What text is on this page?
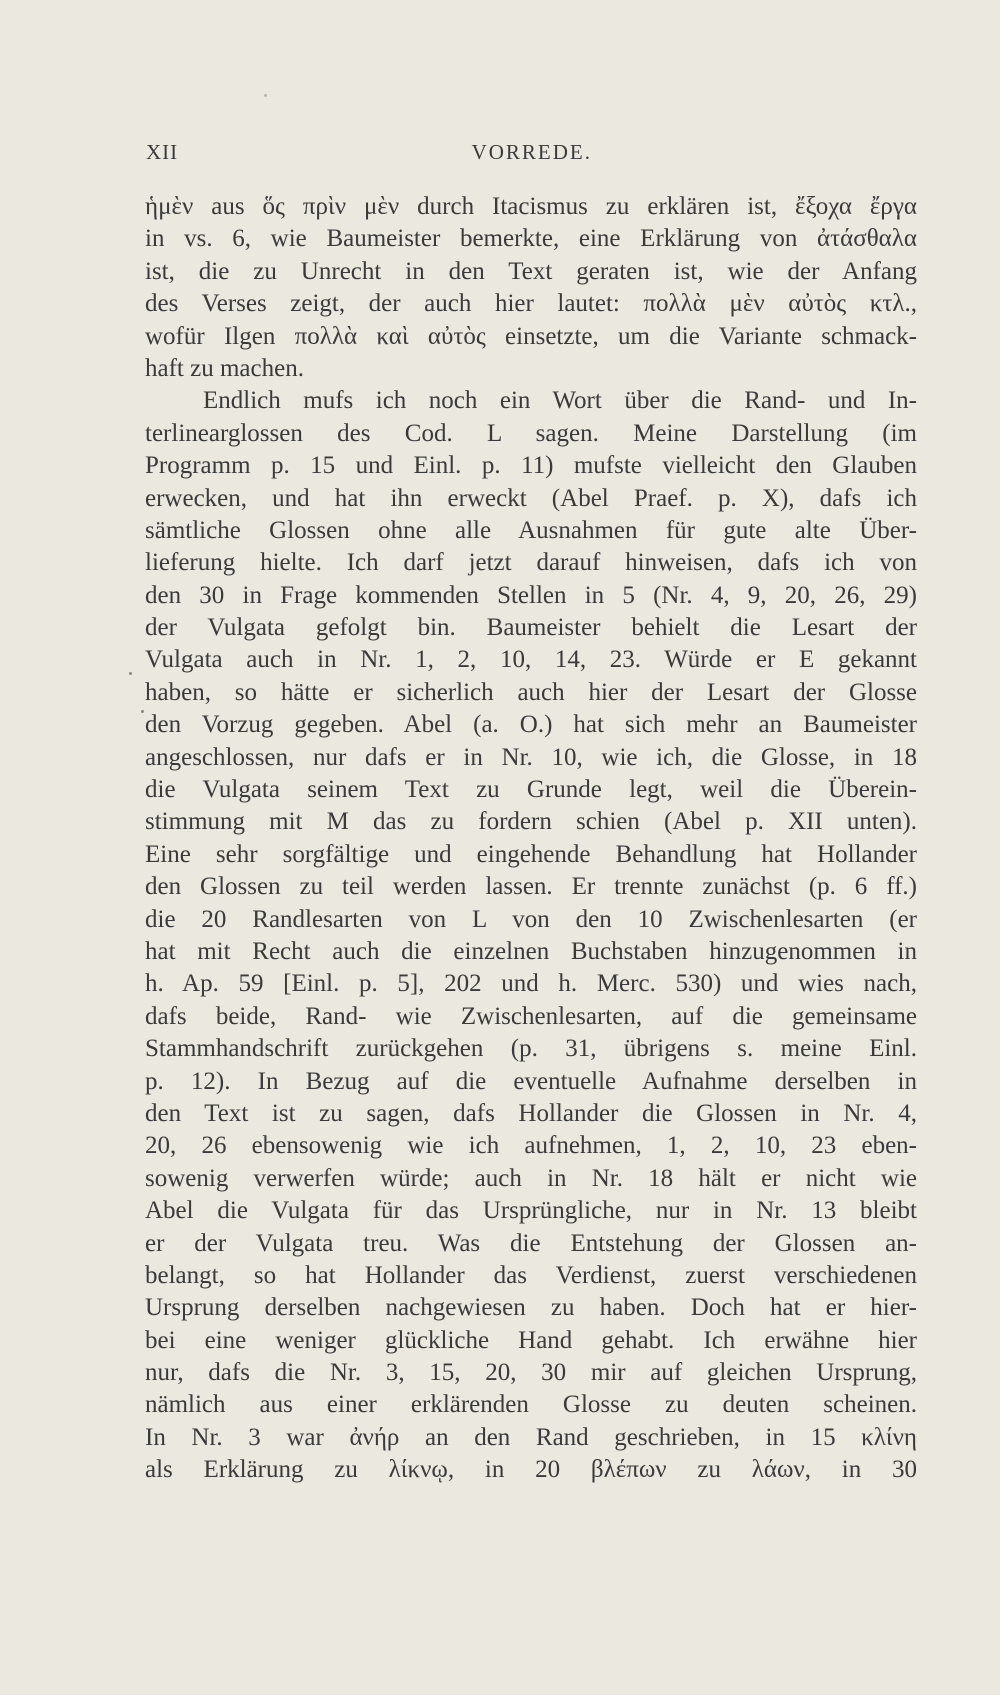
XII	VORREDE.
ἡμὲν aus ὅς πρὶν μὲν durch Itacismus zu erklären ist, ἔξοχα ἔργα
in vs. 6, wie Baumeister bemerkte, eine Erklärung von ἀτάσθαλα
ist, die zu Unrecht in den Text geraten ist, wie der Anfang
des Verses zeigt, der auch hier lautet: πολλὰ μὲν αὐτὸς κτλ.,
wofür Ilgen πολλὰ καὶ αὐτὸς einsetzte, um die Variante schmack-
haft zu machen.
Endlich mufs ich noch ein Wort über die Rand- und In-
terlinearglossen des Cod. L sagen. Meine Darstellung (im
Programm p. 15 und Einl. p. 11) mufste vielleicht den Glauben
erwecken, und hat ihn erweckt (Abel Praef. p. X), dafs ich
sämtliche Glossen ohne alle Ausnahmen für gute alte Über-
lieferung hielte. Ich darf jetzt darauf hinweisen, dafs ich von
den 30 in Frage kommenden Stellen in 5 (Nr. 4, 9, 20, 26, 29)
der Vulgata gefolgt bin. Baumeister behielt die Lesart der
Vulgata auch in Nr. 1, 2, 10, 14, 23. Würde er E gekannt
haben, so hätte er sicherlich auch hier der Lesart der Glosse
den Vorzug gegeben. Abel (a. O.) hat sich mehr an Baumeister
angeschlossen, nur dafs er in Nr. 10, wie ich, die Glosse, in 18
die Vulgata seinem Text zu Grunde legt, weil die Überein-
stimmung mit M das zu fordern schien (Abel p. XII unten).
Eine sehr sorgfältige und eingehende Behandlung hat Hollander
den Glossen zu teil werden lassen. Er trennte zunächst (p. 6 ff.)
die 20 Randlesarten von L von den 10 Zwischenlesarten (er
hat mit Recht auch die einzelnen Buchstaben hinzugenommen in
h. Ap. 59 [Einl. p. 5], 202 und h. Merc. 530) und wies nach,
dafs beide, Rand- wie Zwischenlesarten, auf die gemeinsame
Stammhandschrift zurückgehen (p. 31, übrigens s. meine Einl.
p. 12). In Bezug auf die eventuelle Aufnahme derselben in
den Text ist zu sagen, dafs Hollander die Glossen in Nr. 4,
20, 26 ebensowenig wie ich aufnehmen, 1, 2, 10, 23 eben-
sowenig verwerfen würde; auch in Nr. 18 hält er nicht wie
Abel die Vulgata für das Ursprüngliche, nur in Nr. 13 bleibt
er der Vulgata treu. Was die Entstehung der Glossen an-
belangt, so hat Hollander das Verdienst, zuerst verschiedenen
Ursprung derselben nachgewiesen zu haben. Doch hat er hier-
bei eine weniger glückliche Hand gehabt. Ich erwähne hier
nur, dafs die Nr. 3, 15, 20, 30 mir auf gleichen Ursprung,
nämlich aus einer erklärenden Glosse zu deuten scheinen.
In Nr. 3 war ἀνήρ an den Rand geschrieben, in 15 κλίνη
als Erklärung zu λίκνῳ, in 20 βλέπων zu λάων, in 30
